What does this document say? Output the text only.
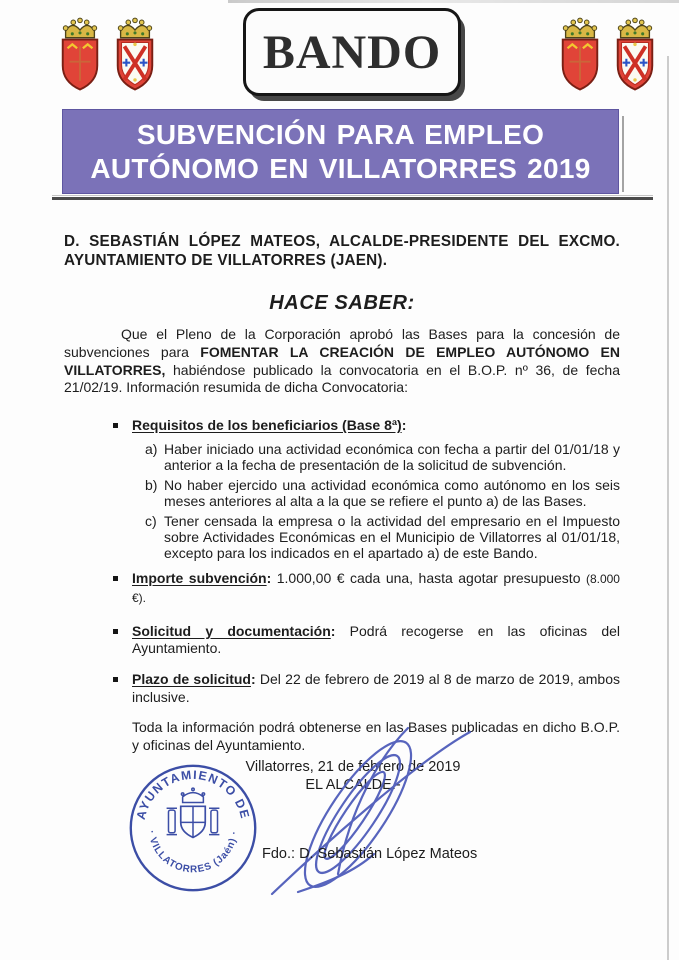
BANDO
SUBVENCIÓN PARA EMPLEO
AUTÓNOMO EN VILLATORRES 2019

D. SEBASTIÁN LÓPEZ MATEOS, ALCALDE-PRESIDENTE DEL EXCMO. AYUNTAMIENTO DE VILLATORRES (JAEN).

HACE SABER:

Que el Pleno de la Corporación aprobó las Bases para la concesión de subvenciones para FOMENTAR LA CREACIÓN DE EMPLEO AUTÓNOMO EN VILLATORRES, habiéndose publicado la convocatoria en el B.O.P. nº 36, de fecha 21/02/19. Información resumida de dicha Convocatoria:

Requisitos de los beneficiarios (Base 8ª):
a) Haber iniciado una actividad económica con fecha a partir del 01/01/18 y anterior a la fecha de presentación de la solicitud de subvención.
b) No haber ejercido una actividad económica como autónomo en los seis meses anteriores al alta a la que se refiere el punto a) de las Bases.
c) Tener censada la empresa o la actividad del empresario en el Impuesto sobre Actividades Económicas en el Municipio de Villatorres al 01/01/18, excepto para los indicados en el apartado a) de este Bando.
Importe subvención: 1.000,00 € cada una, hasta agotar presupuesto (8.000 €).
Solicitud y documentación: Podrá recogerse en las oficinas del Ayuntamiento.
Plazo de solicitud: Del 22 de febrero de 2019 al 8 de marzo de 2019, ambos inclusive.

Toda la información podrá obtenerse en las Bases publicadas en dicho B.O.P. y oficinas del Ayuntamiento.

Villatorres, 21 de febrero de 2019
EL ALCALDE.-
AYUNTAMIENTO DE
· VILLATORRES (Jaén) ·
Fdo.: D. Sebastián López Mateos
